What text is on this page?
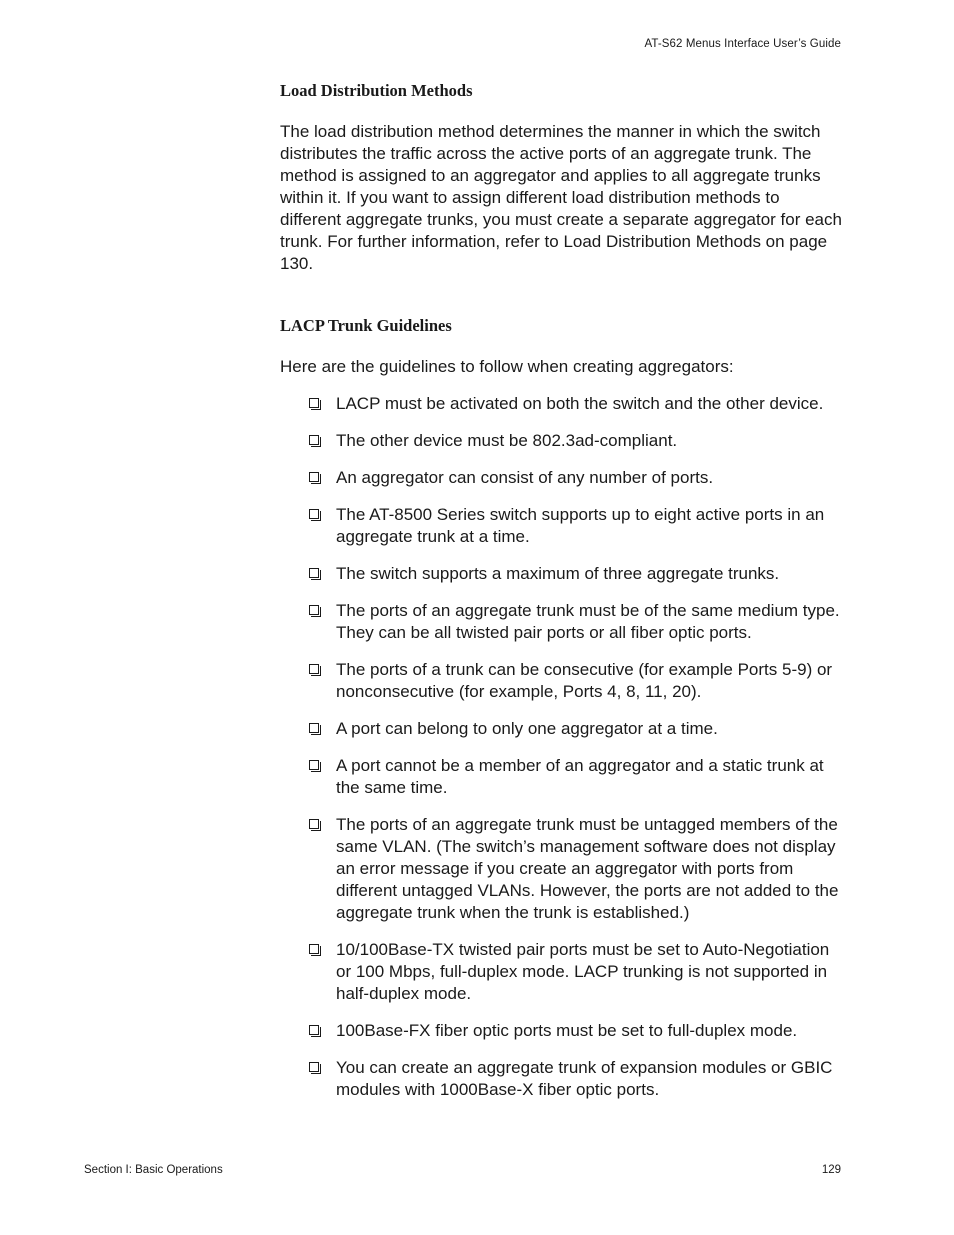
AT-S62 Menus Interface User’s Guide
Load Distribution Methods

The load distribution method determines the manner in which the switch distributes the traffic across the active ports of an aggregate trunk. The method is assigned to an aggregator and applies to all aggregate trunks within it. If you want to assign different load distribution methods to different aggregate trunks, you must create a separate aggregator for each trunk. For further information, refer to Load Distribution Methods on page 130.

LACP Trunk Guidelines

Here are the guidelines to follow when creating aggregators:

LACP must be activated on both the switch and the other device.
The other device must be 802.3ad-compliant.
An aggregator can consist of any number of ports.
The AT-8500 Series switch supports up to eight active ports in an aggregate trunk at a time.
The switch supports a maximum of three aggregate trunks.
The ports of an aggregate trunk must be of the same medium type. They can be all twisted pair ports or all fiber optic ports.
The ports of a trunk can be consecutive (for example Ports 5-9) or nonconsecutive (for example, Ports 4, 8, 11, 20).
A port can belong to only one aggregator at a time.
A port cannot be a member of an aggregator and a static trunk at the same time.
The ports of an aggregate trunk must be untagged members of the same VLAN. (The switch’s management software does not display an error message if you create an aggregator with ports from different untagged VLANs. However, the ports are not added to the aggregate trunk when the trunk is established.)
10/100Base-TX twisted pair ports must be set to Auto-Negotiation or 100 Mbps, full-duplex mode. LACP trunking is not supported in half-duplex mode.
100Base-FX fiber optic ports must be set to full-duplex mode.
You can create an aggregate trunk of expansion modules or GBIC modules with 1000Base-X fiber optic ports.
Section I: Basic Operations	129
